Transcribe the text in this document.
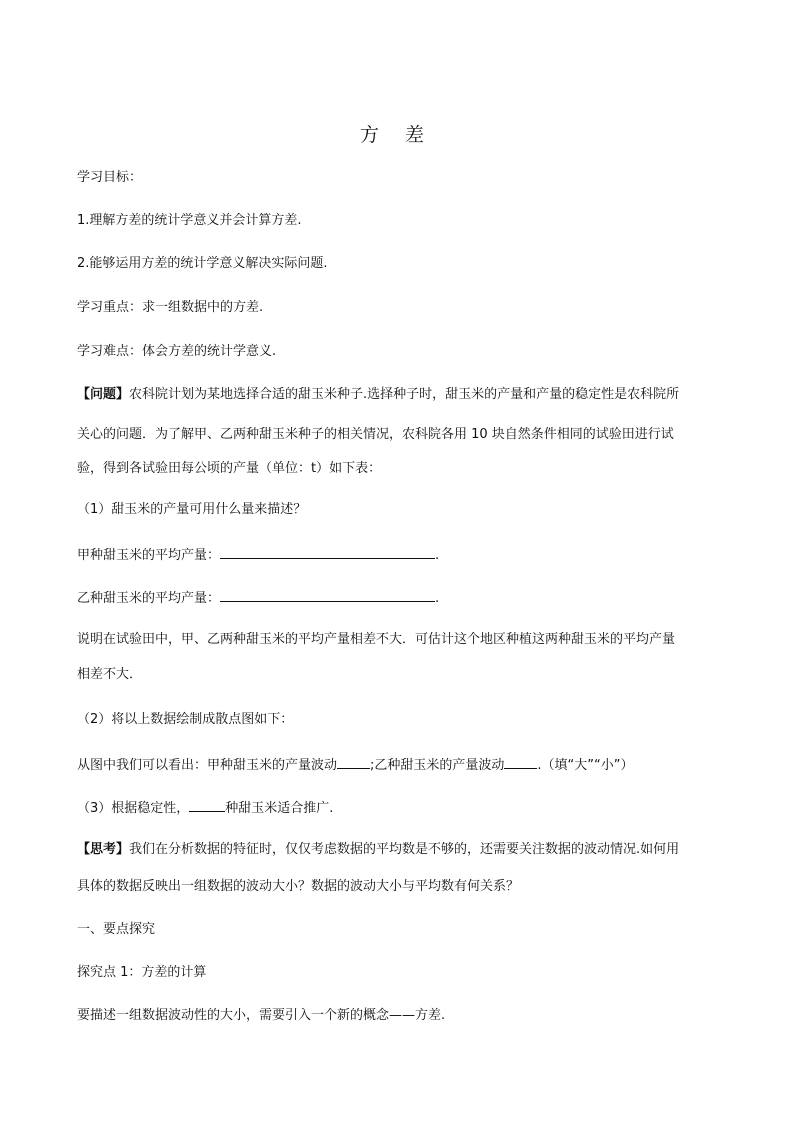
方 差
学习目标：
1.理解方差的统计学意义并会计算方差.
2.能够运用方差的统计学意义解决实际问题.
学习重点：求一组数据中的方差.
学习难点：体会方差的统计学意义.
【问题】农科院计划为某地选择合适的甜玉米种子.选择种子时，甜玉米的产量和产量的稳定性是农科院所
关心的问题．为了解甲、乙两种甜玉米种子的相关情况，农科院各用 10 块自然条件相同的试验田进行试
验，得到各试验田每公顷的产量（单位：t）如下表：
（1）甜玉米的产量可用什么量来描述？
甲种甜玉米的平均产量：	.
乙种甜玉米的平均产量：	.
说明在试验田中，甲、乙两种甜玉米的平均产量相差不大．可估计这个地区种植这两种甜玉米的平均产量
相差不大．
（2）将以上数据绘制成散点图如下：
从图中我们可以看出：甲种甜玉米的产量波动	;乙种甜玉米的产量波动	.（填“大”“小”）
（3）根据稳定性，	种甜玉米适合推广.
【思考】我们在分析数据的特征时，仅仅考虑数据的平均数是不够的，还需要关注数据的波动情况.如何用
具体的数据反映出一组数据的波动大小？数据的波动大小与平均数有何关系？
一、要点探究
探究点 1：方差的计算
要描述一组数据波动性的大小，需要引入一个新的概念——方差.
